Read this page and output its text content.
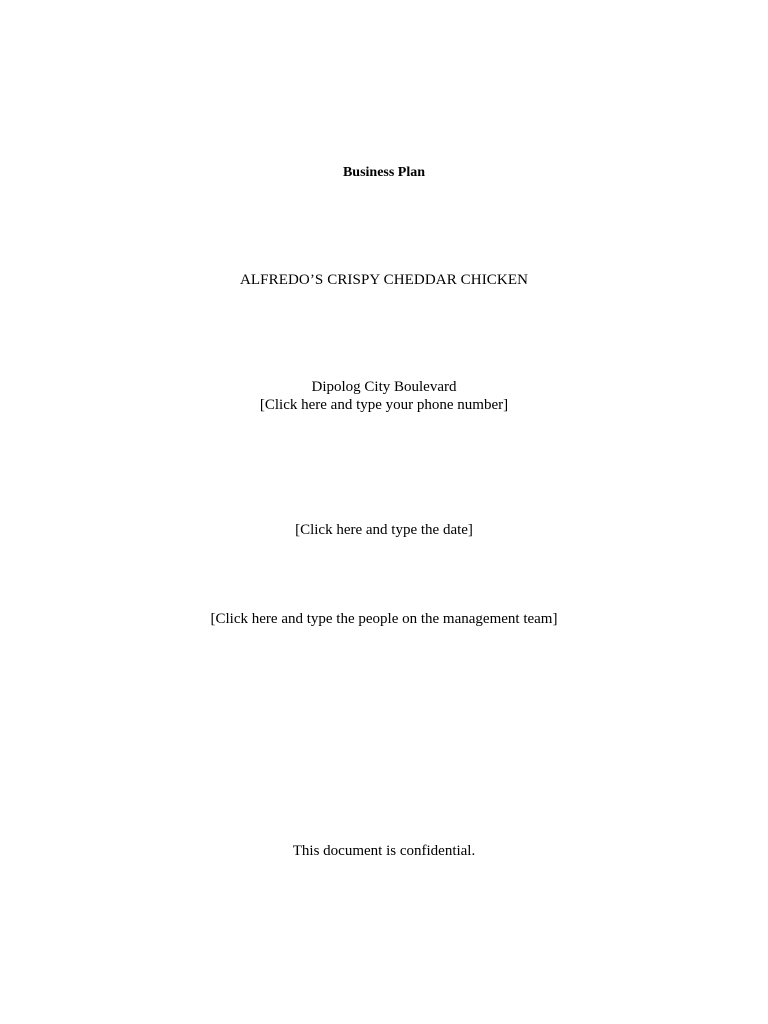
Business Plan
ALFREDO’S CRISPY CHEDDAR CHICKEN
Dipolog City Boulevard
[Click here and type your phone number]
[Click here and type the date]
[Click here and type the people on the management team]
This document is confidential.
